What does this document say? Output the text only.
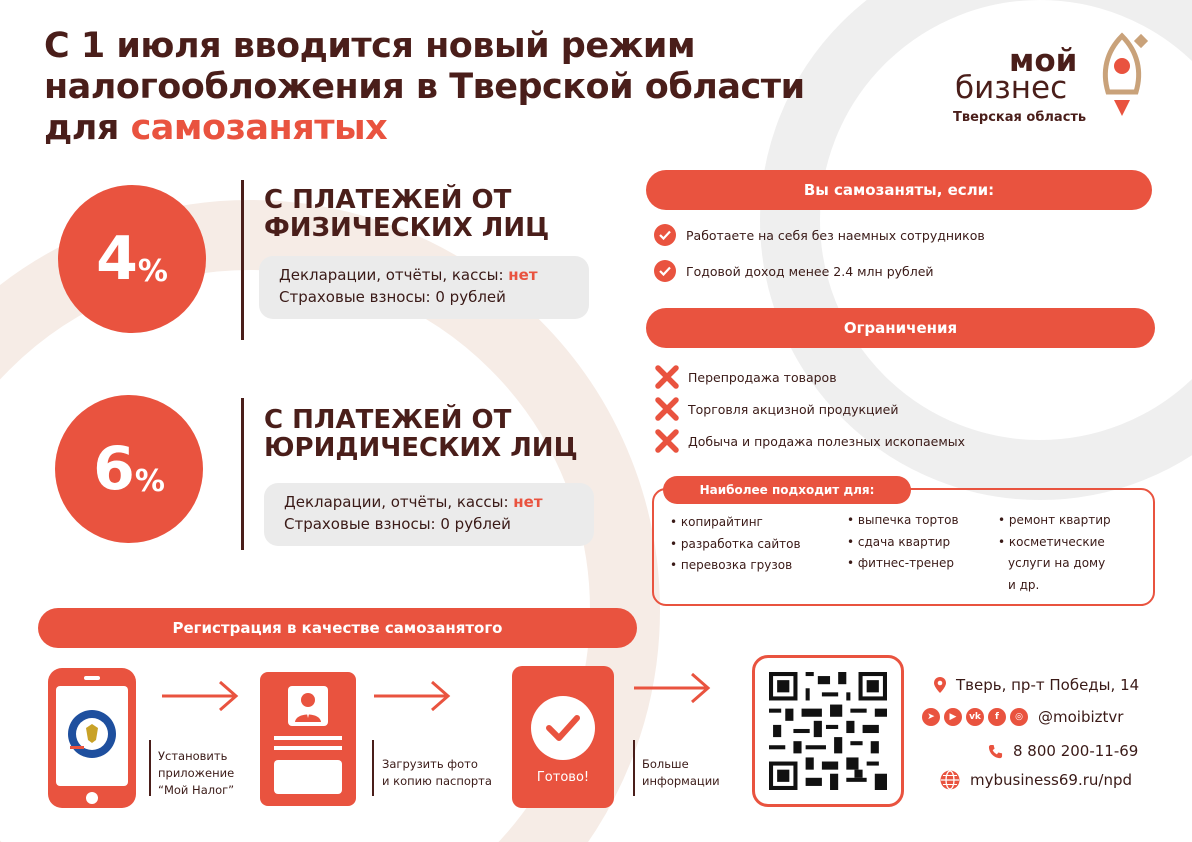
С 1 июля вводится новый режим
налогообложения в Тверской области
для самозанятых
мой
бизнес
Тверская область
4 %
С ПЛАТЕЖЕЙ ОТ
ФИЗИЧЕСКИХ ЛИЦ
Декларации, отчёты, кассы: нет
Страховые взносы: 0 рублей
6 %
С ПЛАТЕЖЕЙ ОТ
ЮРИДИЧЕСКИХ ЛИЦ
Декларации, отчёты, кассы: нет
Страховые взносы: 0 рублей
Вы самозаняты, если:
Работаете на себя без наемных сотрудников
Годовой доход менее 2.4 млн рублей
Ограничения
Перепродажа товаров
Торговля акцизной продукцией
Добыча и продажа полезных ископаемых
Наиболее подходит для:
• копирайтинг
• разработка сайтов
• перевозка грузов
• выпечка тортов
• сдача квартир
• фитнес-тренер
• ремонт квартир
• косметические
услуги на дому
и др.
Регистрация в качестве самозанятого
Установить
приложение
“Мой Налог”
Загрузить фото
и копию паспорта	Готово!
Больше
информации
Тверь, пр-т Победы, 14
➤	▶	vk	f	◎	@moibiztvr
8 800 200-11-69
mybusiness69.ru/npd
